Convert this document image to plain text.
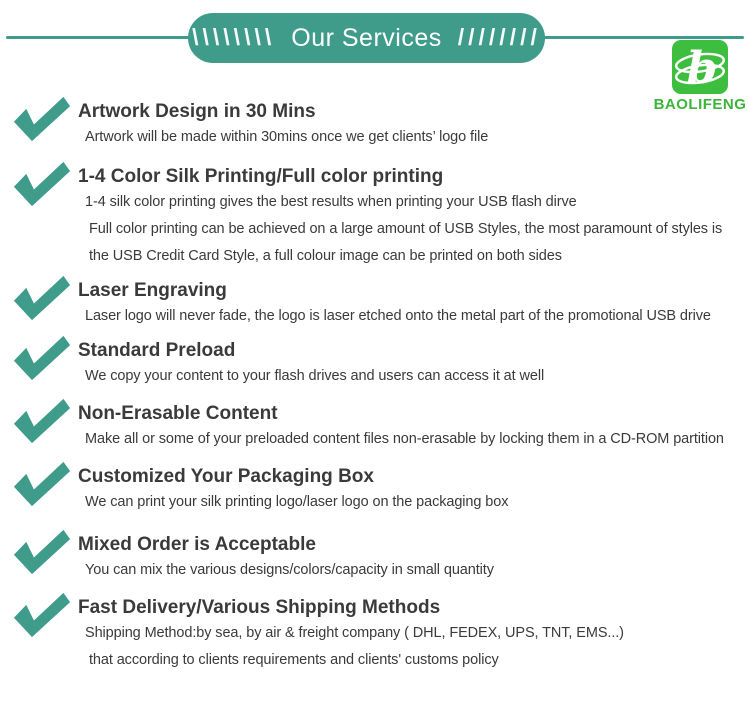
\\\\\\\\ Our Services ////////
b
BAOLIFENG
Artwork Design in 30 Mins
Artwork will be made within 30mins once we get clients’ logo file
1-4 Color Silk Printing/Full color printing
1-4 silk color printing gives the best results when printing your USB flash dirve
Full color printing can be achieved on a large amount of USB Styles, the most paramount of styles is
the USB Credit Card Style, a full colour image can be printed on both sides
Laser Engraving
Laser logo will never fade, the logo is laser etched onto the metal part of the promotional USB drive
Standard Preload
We copy your content to your flash drives and users can access it at well
Non-Erasable Content
Make all or some of your preloaded content files non-erasable by locking them in a CD-ROM partition
Customized Your Packaging Box
We can print your silk printing logo/laser logo on the packaging box
Mixed Order is Acceptable
You can mix the various designs/colors/capacity in small quantity
Fast Delivery/Various Shipping Methods
Shipping Method:by sea, by air & freight company ( DHL, FEDEX, UPS, TNT, EMS...)
that according to clients requirements and clients' customs policy
